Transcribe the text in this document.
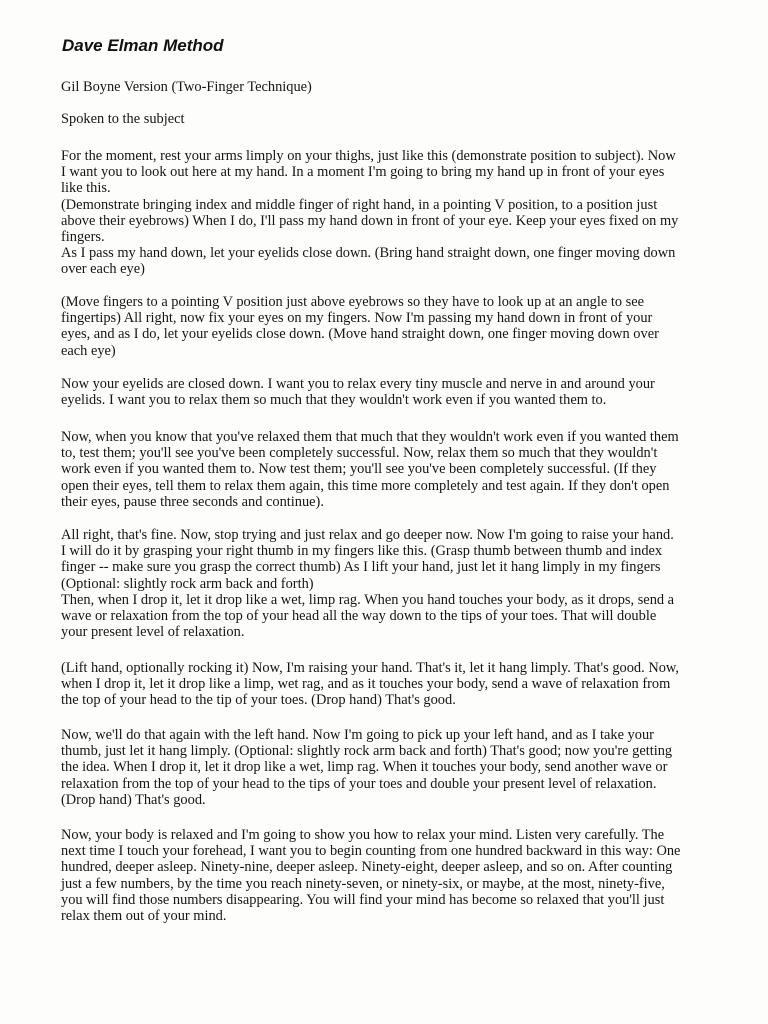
Dave Elman Method
Gil Boyne Version (Two-Finger Technique)
Spoken to the subject
For the moment, rest your arms limply on your thighs, just like this (demonstrate position to subject). Now
I want you to look out here at my hand. In a moment I'm going to bring my hand up in front of your eyes
like this.
(Demonstrate bringing index and middle finger of right hand, in a pointing V position, to a position just
above their eyebrows) When I do, I'll pass my hand down in front of your eye. Keep your eyes fixed on my
fingers.
As I pass my hand down, let your eyelids close down. (Bring hand straight down, one finger moving down
over each eye)
(Move fingers to a pointing V position just above eyebrows so they have to look up at an angle to see
fingertips) All right, now fix your eyes on my fingers. Now I'm passing my hand down in front of your
eyes, and as I do, let your eyelids close down. (Move hand straight down, one finger moving down over
each eye)
Now your eyelids are closed down. I want you to relax every tiny muscle and nerve in and around your
eyelids. I want you to relax them so much that they wouldn't work even if you wanted them to.
Now, when you know that you've relaxed them that much that they wouldn't work even if you wanted them
to, test them; you'll see you've been completely successful. Now, relax them so much that they wouldn't
work even if you wanted them to. Now test them; you'll see you've been completely successful. (If they
open their eyes, tell them to relax them again, this time more completely and test again. If they don't open
their eyes, pause three seconds and continue).
All right, that's fine. Now, stop trying and just relax and go deeper now. Now I'm going to raise your hand.
I will do it by grasping your right thumb in my fingers like this. (Grasp thumb between thumb and index
finger -- make sure you grasp the correct thumb) As I lift your hand, just let it hang limply in my fingers
(Optional: slightly rock arm back and forth)
Then, when I drop it, let it drop like a wet, limp rag. When you hand touches your body, as it drops, send a
wave or relaxation from the top of your head all the way down to the tips of your toes. That will double
your present level of relaxation.
(Lift hand, optionally rocking it) Now, I'm raising your hand. That's it, let it hang limply. That's good. Now,
when I drop it, let it drop like a limp, wet rag, and as it touches your body, send a wave of relaxation from
the top of your head to the tip of your toes. (Drop hand) That's good.
Now, we'll do that again with the left hand. Now I'm going to pick up your left hand, and as I take your
thumb, just let it hang limply. (Optional: slightly rock arm back and forth) That's good; now you're getting
the idea. When I drop it, let it drop like a wet, limp rag. When it touches your body, send another wave or
relaxation from the top of your head to the tips of your toes and double your present level of relaxation.
(Drop hand) That's good.
Now, your body is relaxed and I'm going to show you how to relax your mind. Listen very carefully. The
next time I touch your forehead, I want you to begin counting from one hundred backward in this way: One
hundred, deeper asleep. Ninety-nine, deeper asleep. Ninety-eight, deeper asleep, and so on. After counting
just a few numbers, by the time you reach ninety-seven, or ninety-six, or maybe, at the most, ninety-five,
you will find those numbers disappearing. You will find your mind has become so relaxed that you'll just
relax them out of your mind.
